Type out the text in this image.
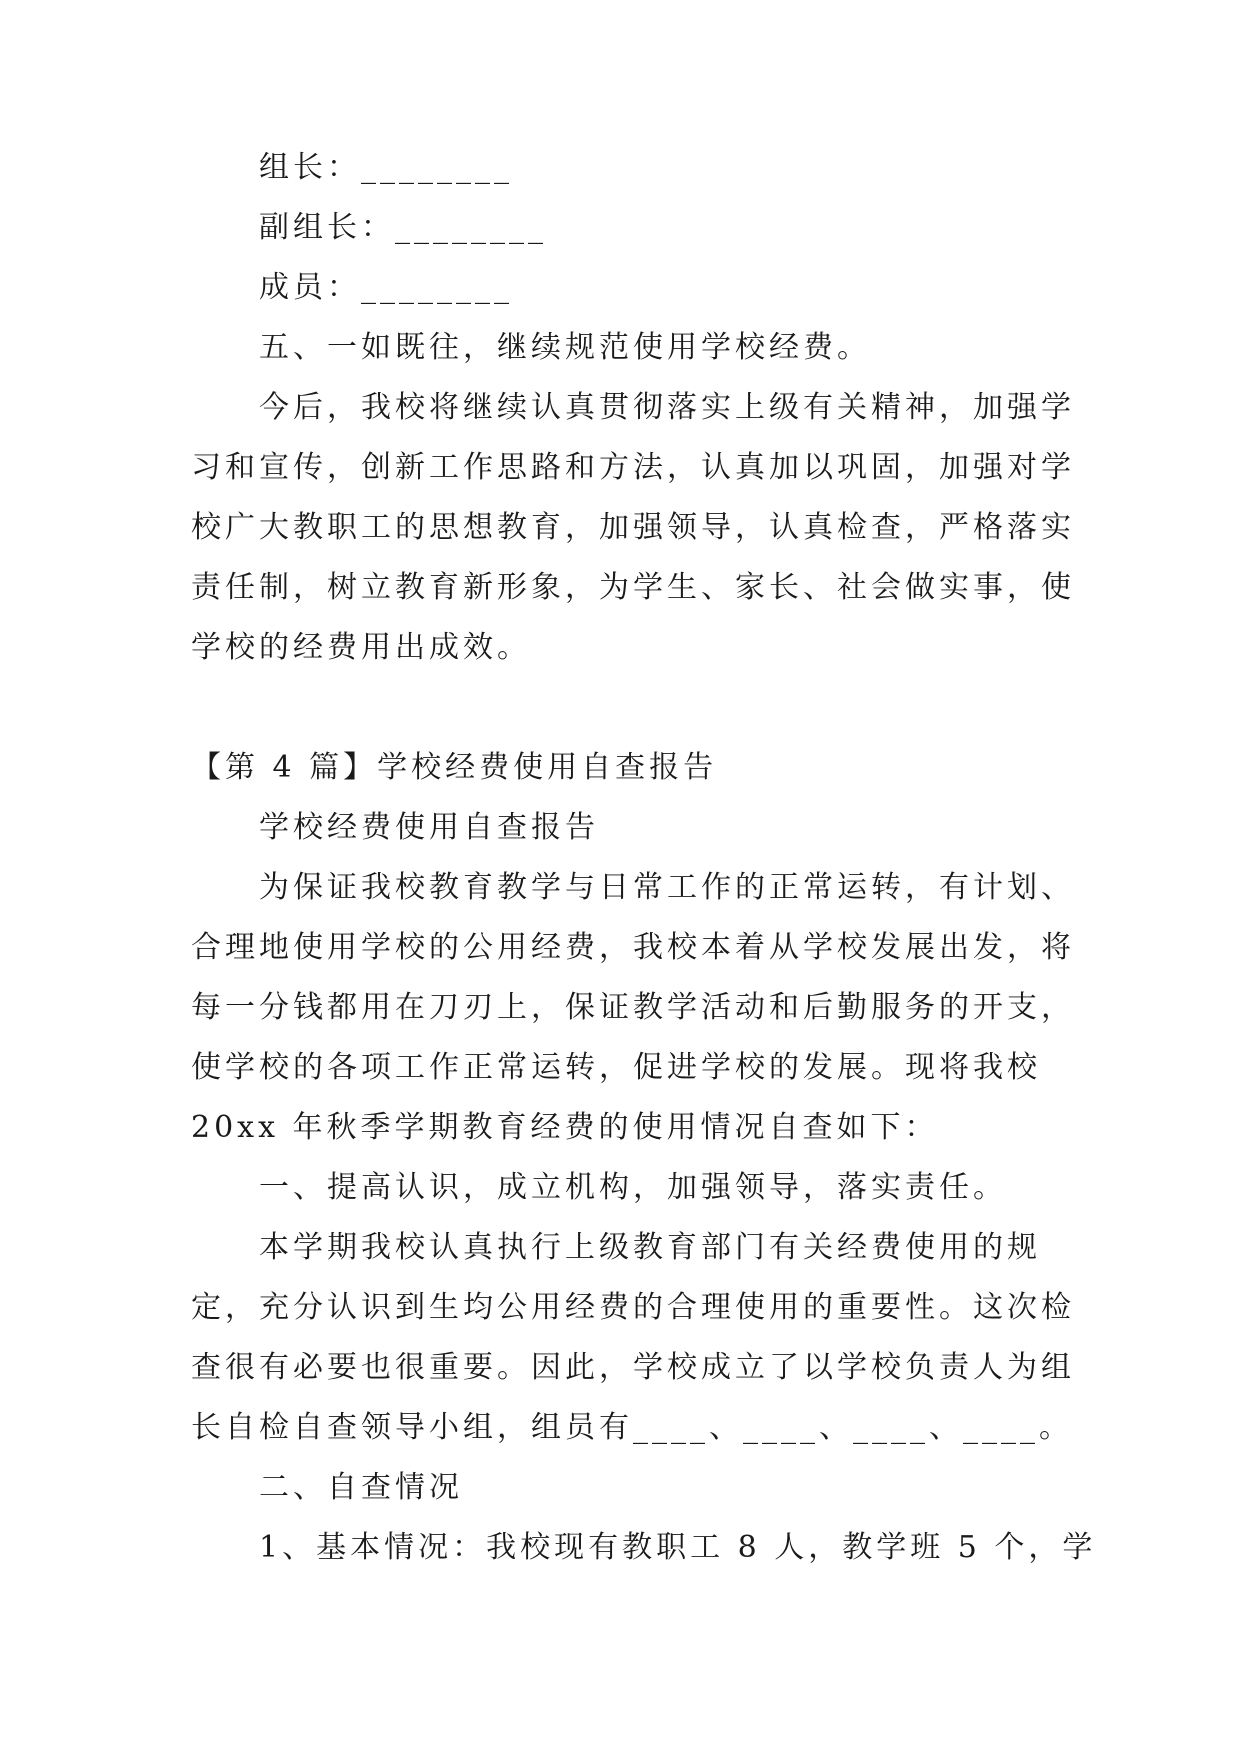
组长：________
副组长：________
成员：________
五、一如既往，继续规范使用学校经费。
今后，我校将继续认真贯彻落实上级有关精神，加强学
习和宣传，创新工作思路和方法，认真加以巩固，加强对学
校广大教职工的思想教育，加强领导，认真检查，严格落实
责任制，树立教育新形象，为学生、家长、社会做实事，使
学校的经费用出成效。
【第 4 篇】学校经费使用自查报告
学校经费使用自查报告
为保证我校教育教学与日常工作的正常运转，有计划、
合理地使用学校的公用经费，我校本着从学校发展出发，将
每一分钱都用在刀刃上，保证教学活动和后勤服务的开支，
使学校的各项工作正常运转，促进学校的发展。现将我校
20xx 年秋季学期教育经费的使用情况自查如下：
一、提高认识，成立机构，加强领导，落实责任。
本学期我校认真执行上级教育部门有关经费使用的规
定，充分认识到生均公用经费的合理使用的重要性。这次检
查很有必要也很重要。因此，学校成立了以学校负责人为组
长自检自查领导小组，组员有____、____、____、____。
二、自查情况
1、基本情况：我校现有教职工 8 人，教学班 5 个，学
